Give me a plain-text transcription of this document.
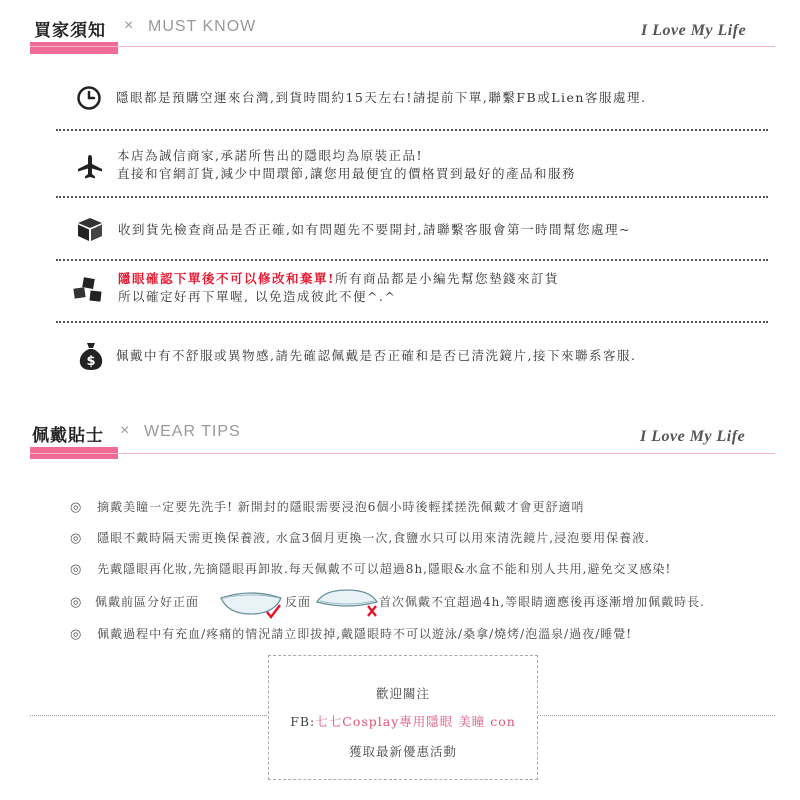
買家須知 × MUST KNOW	I Love My Life
隱眼都是預購空運來台灣,到貨時間約15天左右!請提前下單,聯繫FB或Lien客服處理.
本店為誠信商家,承諾所售出的隱眼均為原裝正品!
直接和官網訂貨,減少中間環節,讓您用最便宜的價格買到最好的產品和服務
收到貨先檢查商品是否正確,如有問題先不要開封,請聯繫客服會第一時間幫您處理~
隱眼確認下單後不可以修改和棄單!所有商品都是小編先幫您墊錢來訂貨
所以確定好再下單喔, 以免造成彼此不便^.^
$ 佩戴中有不舒服或異物感,請先確認佩戴是否正確和是否已清洗鏡片,接下來聯系客服.
佩戴貼士 × WEAR TIPS	I Love My Life
◎ 摘戴美瞳一定要先洗手! 新開封的隱眼需要浸泡6個小時後輕揉搓洗佩戴才會更舒適哨
◎ 隱眼不戴時隔天需更換保養液, 水盒3個月更換一次,食鹽水只可以用來清洗鏡片,浸泡要用保養液.
◎ 先戴隱眼再化妝,先摘隱眼再卸妝.每天佩戴不可以超過8h,隱眼&水盒不能和別人共用,避免交叉感染!
◎ 佩戴前區分好正面	反面	首次佩戴不宜超過4h,等眼睛適應後再逐漸增加佩戴時長.
◎ 佩戴過程中有充血/疼痛的情況請立即拔掉,戴隱眼時不可以遊泳/桑拿/燒烤/泡溫泉/過夜/睡覺!
歡迎關注
FB:七七Cosplay專用隱眼 美瞳 con
獲取最新優惠活動
